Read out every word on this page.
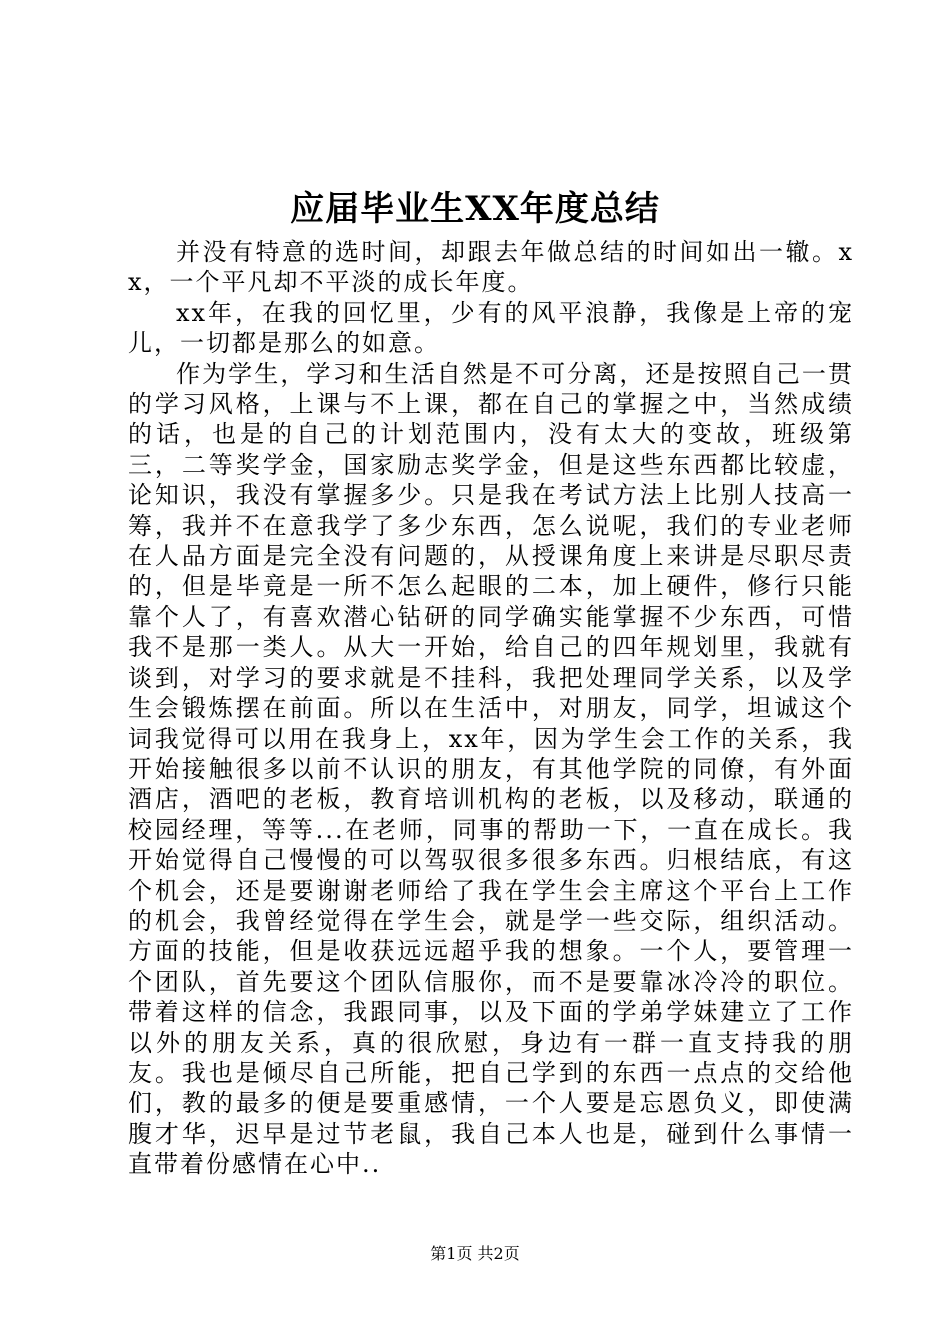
应届毕业生XX年度总结

并没有特意的选时间，却跟去年做总结的时间如出一辙。xx，一个平凡却不平淡的成长年度。

xx年，在我的回忆里，少有的风平浪静，我像是上帝的宠儿，一切都是那么的如意。

作为学生，学习和生活自然是不可分离，还是按照自己一贯的学习风格，上课与不上课，都在自己的掌握之中，当然成绩的话，也是的自己的计划范围内，没有太大的变故，班级第三，二等奖学金，国家励志奖学金，但是这些东西都比较虚，论知识，我没有掌握多少。只是我在考试方法上比别人技高一筹，我并不在意我学了多少东西，怎么说呢，我们的专业老师在人品方面是完全没有问题的，从授课角度上来讲是尽职尽责的，但是毕竟是一所不怎么起眼的二本，加上硬件，修行只能靠个人了，有喜欢潜心钻研的同学确实能掌握不少东西，可惜我不是那一类人。从大一开始，给自己的四年规划里，我就有谈到，对学习的要求就是不挂科，我把处理同学关系，以及学生会锻炼摆在前面。所以在生活中，对朋友，同学，坦诚这个词我觉得可以用在我身上，xx年，因为学生会工作的关系，我开始接触很多以前不认识的朋友，有其他学院的同僚，有外面酒店，酒吧的老板，教育培训机构的老板，以及移动，联通的校园经理，等等...在老师，同事的帮助一下，一直在成长。我开始觉得自己慢慢的可以驾驭很多很多东西。归根结底，有这个机会，还是要谢谢老师给了我在学生会主席这个平台上工作的机会，我曾经觉得在学生会，就是学一些交际，组织活动。方面的技能，但是收获远远超乎我的想象。一个人，要管理一个团队，首先要这个团队信服你，而不是要靠冰冷冷的职位。带着这样的信念，我跟同事，以及下面的学弟学妹建立了工作以外的朋友关系，真的很欣慰，身边有一群一直支持我的朋友。我也是倾尽自己所能，把自己学到的东西一点点的交给他们，教的最多的便是要重感情，一个人要是忘恩负义，即使满腹才华，迟早是过节老鼠，我自己本人也是，碰到什么事情一直带着份感情在心中..

第1页 共2页
